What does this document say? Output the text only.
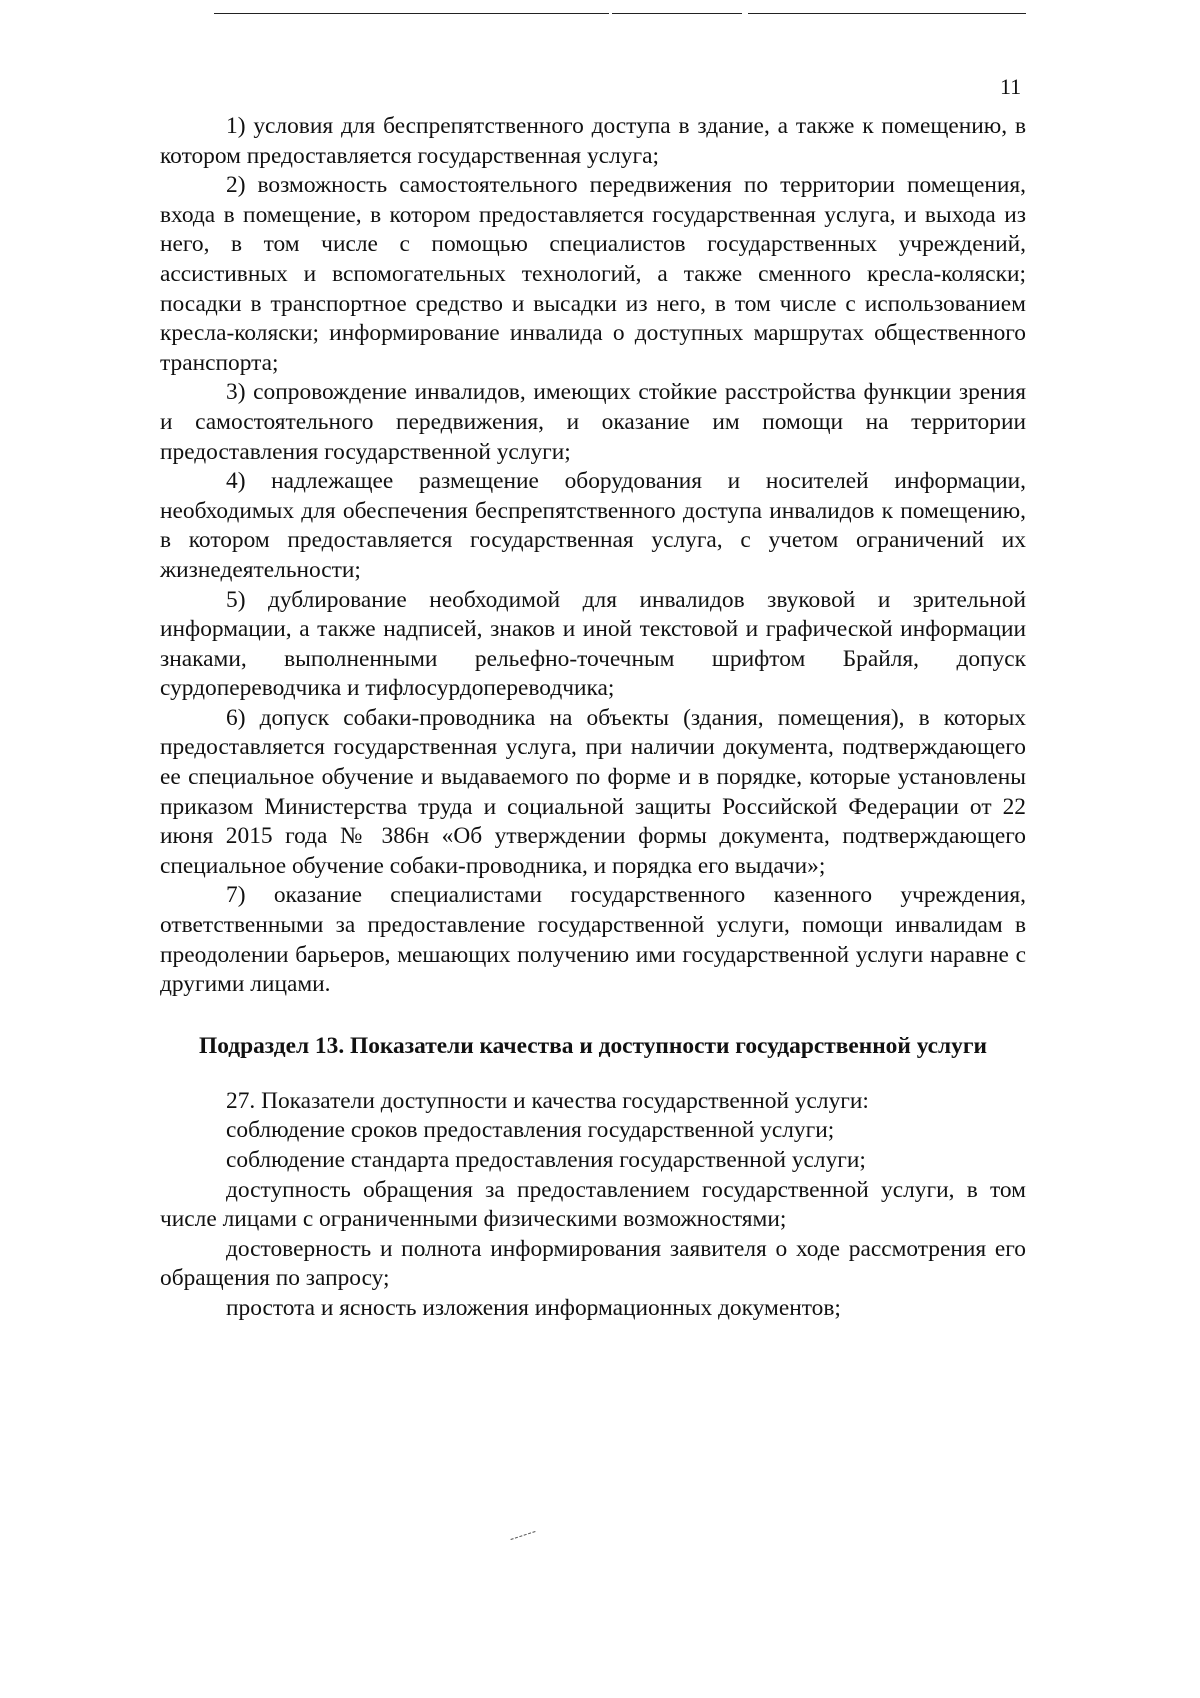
11

1) условия для беспрепятственного доступа в здание, а также к помещению, в котором предоставляется государственная услуга;

2) возможность самостоятельного передвижения по территории помещения, входа в помещение, в котором предоставляется государственная услуга, и выхода из него, в том числе с помощью специалистов государственных учреждений, ассистивных и вспомогательных технологий, а также сменного кресла-коляски; посадки в транспортное средство и высадки из него, в том числе с использованием кресла-коляски; информирование инвалида о доступных маршрутах общественного транспорта;

3) сопровождение инвалидов, имеющих стойкие расстройства функции зрения и самостоятельного передвижения, и оказание им помощи на территории предоставления государственной услуги;

4) надлежащее размещение оборудования и носителей информации, необходимых для обеспечения беспрепятственного доступа инвалидов к помещению, в котором предоставляется государственная услуга, с учетом ограничений их жизнедеятельности;

5) дублирование необходимой для инвалидов звуковой и зрительной информации, а также надписей, знаков и иной текстовой и графической информации знаками, выполненными рельефно-точечным шрифтом Брайля, допуск сурдопереводчика и тифлосурдопереводчика;

6) допуск собаки-проводника на объекты (здания, помещения), в которых предоставляется государственная услуга, при наличии документа, подтверждающего ее специальное обучение и выдаваемого по форме и в порядке, которые установлены приказом Министерства труда и социальной защиты Российской Федерации от 22 июня 2015 года № 386н «Об утверждении формы документа, подтверждающего специальное обучение собаки-проводника, и порядка его выдачи»;

7) оказание специалистами государственного казенного учреждения, ответственными за предоставление государственной услуги, помощи инвалидам в преодолении барьеров, мешающих получению ими государственной услуги наравне с другими лицами.

Подраздел 13. Показатели качества и доступности государственной услуги

27. Показатели доступности и качества государственной услуги:

соблюдение сроков предоставления государственной услуги;

соблюдение стандарта предоставления государственной услуги;

доступность обращения за предоставлением государственной услуги, в том числе лицами с ограниченными физическими возможностями;

достоверность и полнота информирования заявителя о ходе рассмотрения его обращения по запросу;

простота и ясность изложения информационных документов;
